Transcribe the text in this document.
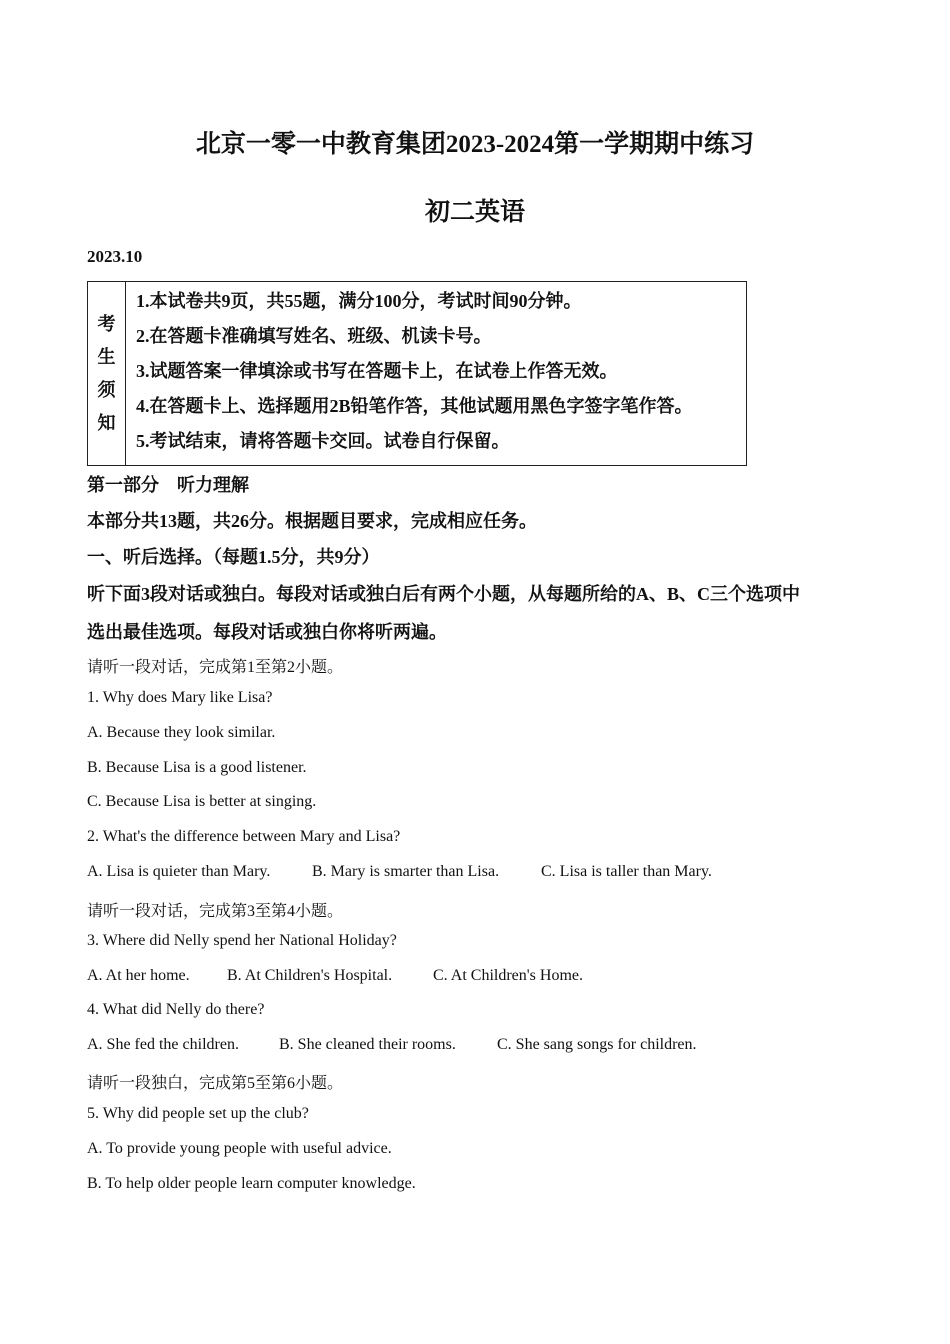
北京一零一中教育集团2023-2024第一学期期中练习
初二英语
2023.10
考生须知
1.本试卷共9页，共55题，满分100分，考试时间90分钟。
2.在答题卡准确填写姓名、班级、机读卡号。
3.试题答案一律填涂或书写在答题卡上，在试卷上作答无效。
4.在答题卡上、选择题用2B铅笔作答，其他试题用黑色字签字笔作答。
5.考试结束，请将答题卡交回。试卷自行保留。
第一部分　听力理解
本部分共13题，共26分。根据题目要求，完成相应任务。
一、听后选择。（每题1.5分，共9分）
听下面3段对话或独白。每段对话或独白后有两个小题，从每题所给的A、B、C三个选项中
选出最佳选项。每段对话或独白你将听两遍。
请听一段对话，完成第1至第2小题。
1. Why does Mary like Lisa?
A. Because they look similar.
B. Because Lisa is a good listener.
C. Because Lisa is better at singing.
2. What's the difference between Mary and Lisa?
A. Lisa is quieter than Mary.	B. Mary is smarter than Lisa.	C. Lisa is taller than Mary.
请听一段对话，完成第3至第4小题。
3. Where did Nelly spend her National Holiday?
A. At her home. B. At Children's Hospital.	C. At Children's Home.
4. What did Nelly do there?
A. She fed the children.	B. She cleaned their rooms.	C. She sang songs for children.
请听一段独白，完成第5至第6小题。
5. Why did people set up the club?
A. To provide young people with useful advice.
B. To help older people learn computer knowledge.
